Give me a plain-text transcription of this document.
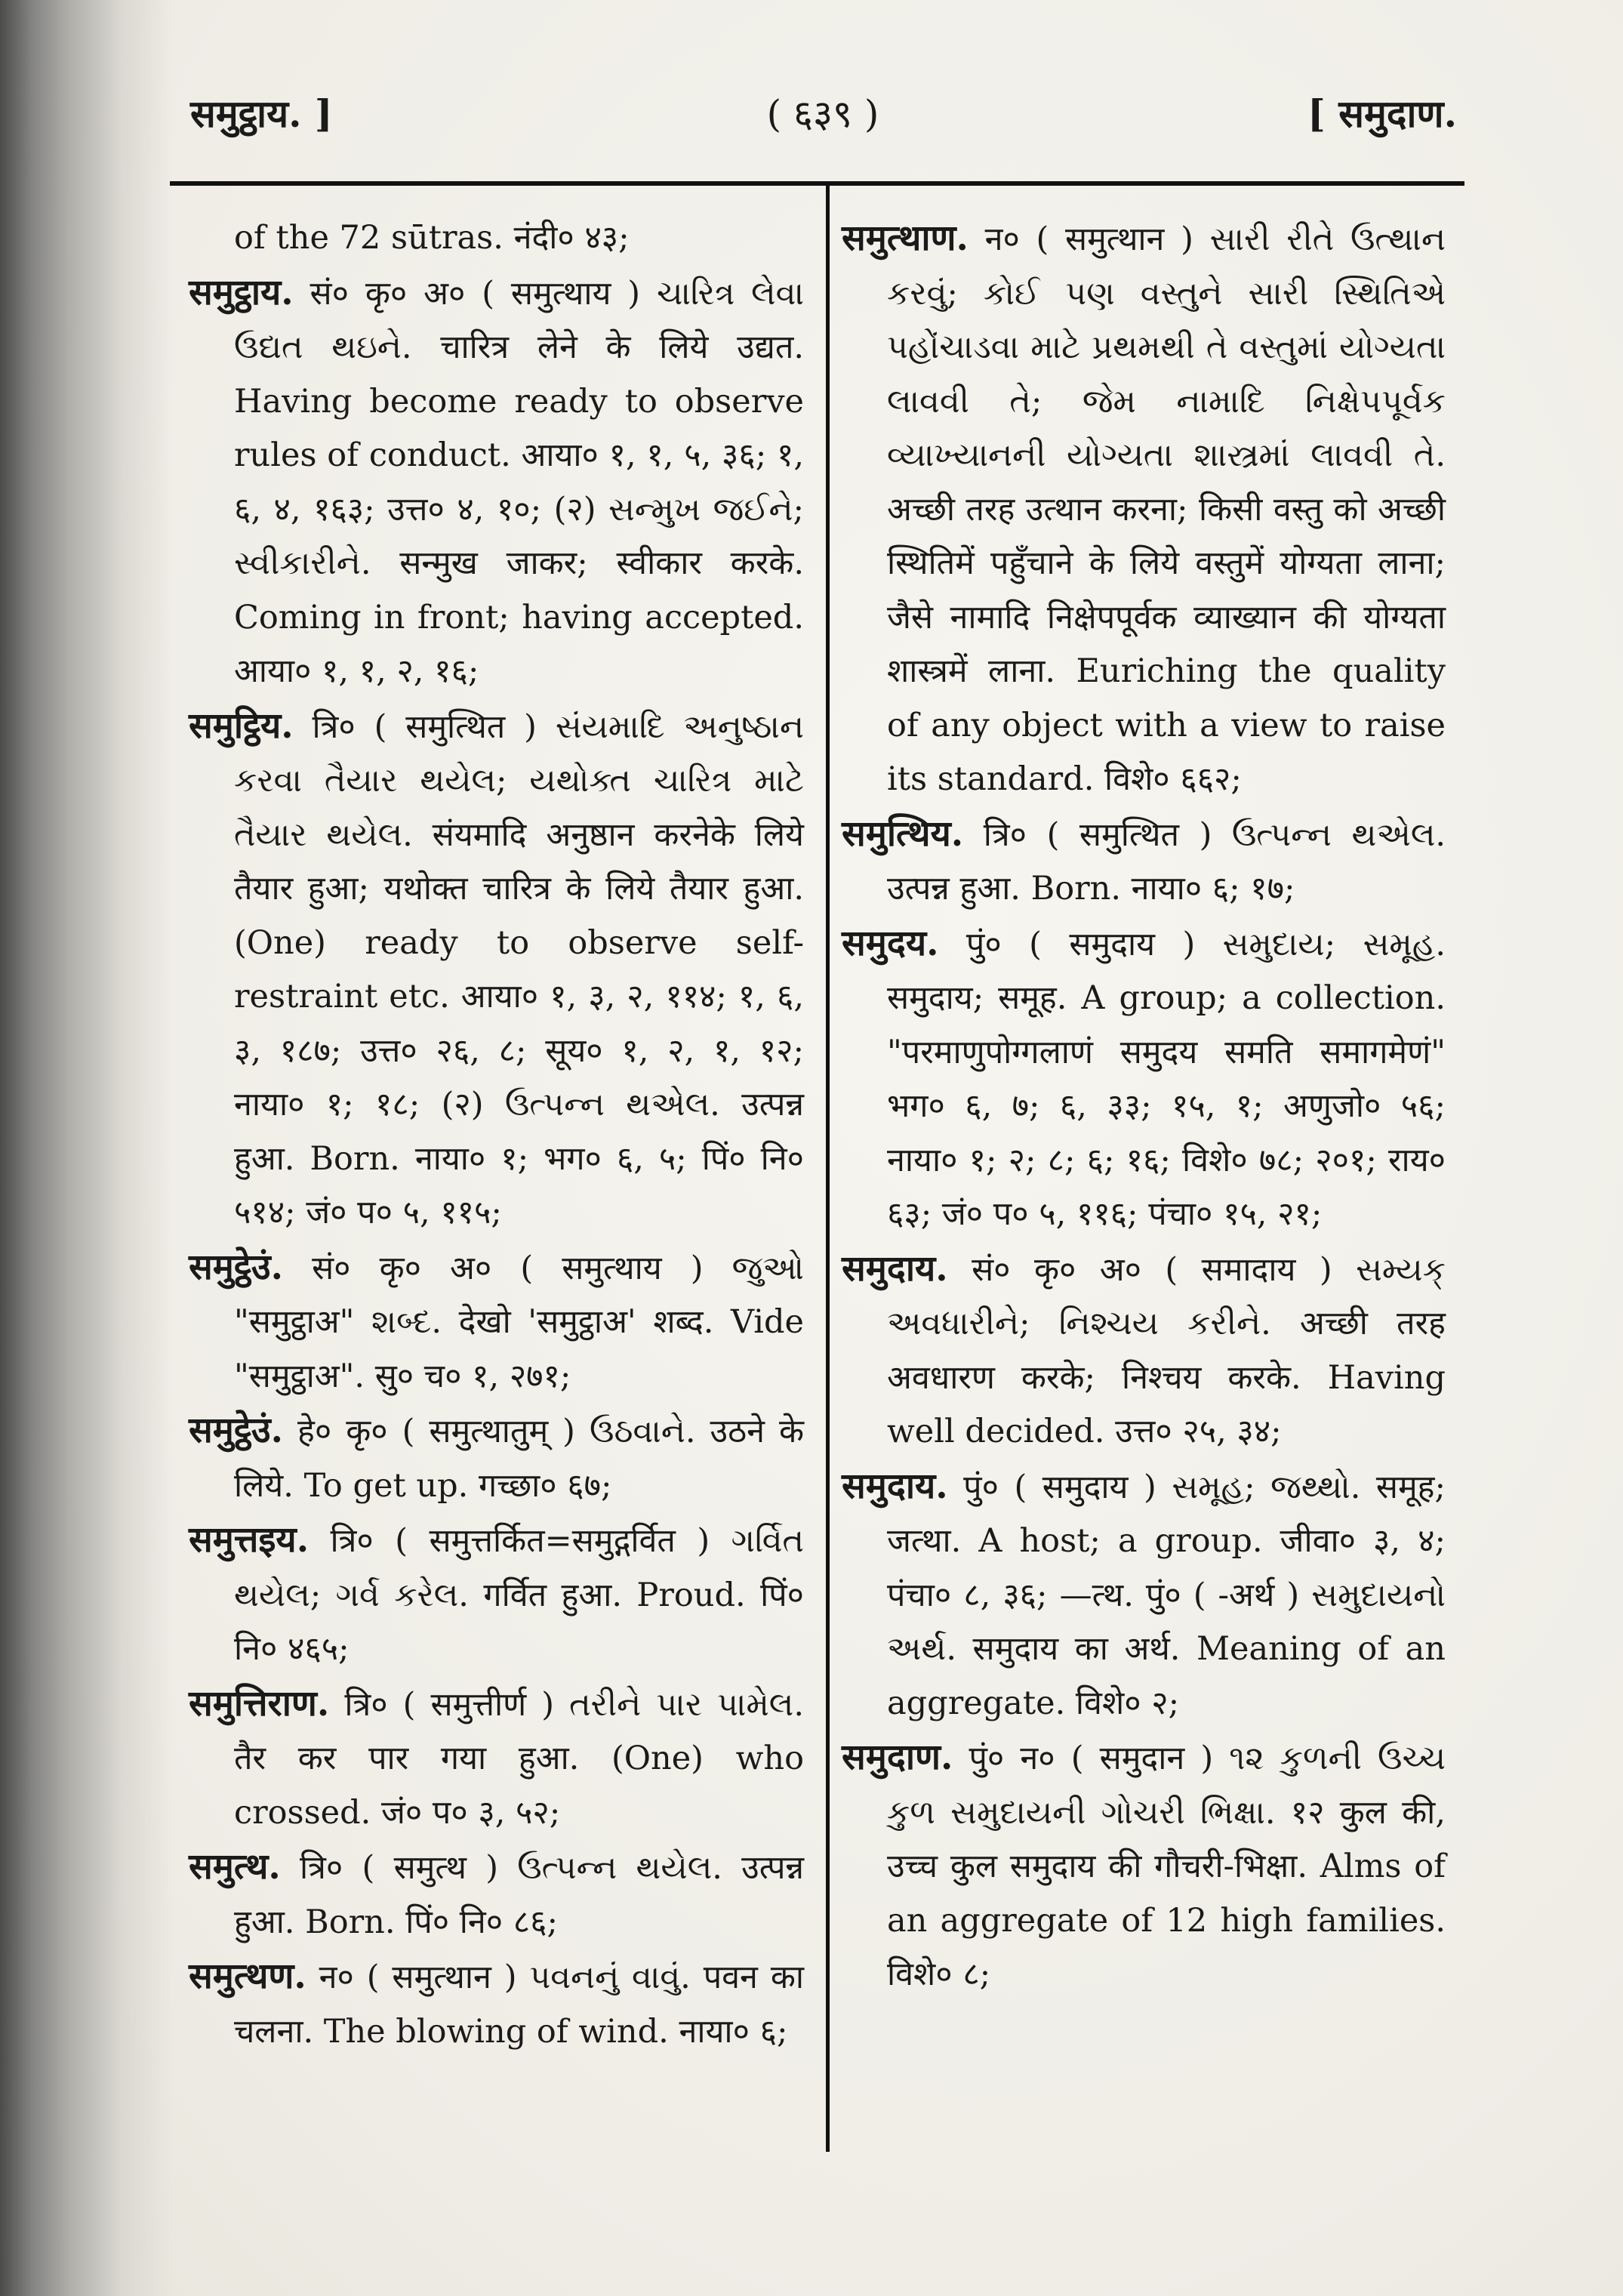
समुट्ठाय. ]	( ६३९ )	[ समुदाण.

of the 72 sūtras. नंदी० ४३;

समुट्ठाय. सं० कृ० अ० ( समुत्थाय ) ચારિત્ર લેવા ઉદ્યત થઇને. चारित्र लेने के लिये उद्यत. Having become ready to observe rules of conduct. आया० १, १, ५, ३६; १, ६, ४, १६३; उत्त० ४, १०; (२) સન્મુખ જઈને; સ્વીકારીને. सन्मुख जाकर; स्वीकार करके. Coming in front; having accepted. आया० १, १, २, १६;

समुट्ठिय. त्रि० ( समुत्थित ) સંયમાદિ અનુષ્ઠાન કરવા તૈયાર થયેલ; યથોક્ત ચારિત્ર માટે તૈયાર થયેલ. संयमादि अनुष्ठान करनेके लिये तैयार हुआ; यथोक्त चारित्र के लिये तैयार हुआ. (One) ready to observe self-restraint etc. आया० १, ३, २, ११४; १, ६, ३, १८७; उत्त० २६, ८; सूय० १, २, १, १२; नाया० १; १८; (२) ઉત્પન્ન થએલ. उत्पन्न हुआ. Born. नाया० १; भग० ६, ५; पिं० नि० ५१४; जं० प० ५, ११५;

समुट्ठेउं. सं० कृ० अ० ( समुत्थाय ) જુઓ "समुट्ठाअ" શબ્દ. देखो 'समुट्ठाअ' शब्द. Vide "समुट्ठाअ". सु० च० १, २७१;

समुट्ठेउं. हे० कृ० ( समुत्थातुम् ) ઉઠવાને. उठने के लिये. To get up. गच्छा० ६७;

समुत्तइय. त्रि० ( समुत्तर्कित=समुद्गर्वित ) ગર્વિત થયેલ; ગર્વ કરેલ. गर्वित हुआ. Proud. पिं० नि० ४६५;

समुत्तिराण. त्रि० ( समुत्तीर्ण ) તરીને પાર પામેલ. तैर कर पार गया हुआ. (One) who crossed. जं० प० ३, ५२;

समुत्थ. त्रि० ( समुत्थ ) ઉત્પન્ન થયેલ. उत्पन्न हुआ. Born. पिं० नि० ८६;

समुत्थण. न० ( समुत्थान ) પવનનું વાવું. पवन का चलना. The blowing of wind. नाया० ६;

समुत्थाण. न० ( समुत्थान ) સારી રીતે ઉત્થાન કરવું; કોઈ પણ વસ્તુને સારી સ્થિતિએ પહોંચાડવા માટે પ્રથમથી તે વસ્તુમાં યોગ્યતા લાવવી તે; જેમ નામાદિ નિક્ષેપપૂર્વક વ્યાખ્યાનની યોગ્યતા શાસ્ત્રમાં લાવવી તે. अच्छी तरह उत्थान करना; किसी वस्तु को अच्छी स्थितिमें पहुँचाने के लिये वस्तुमें योग्यता लाना; जैसे नामादि निक्षेपपूर्वक व्याख्यान की योग्यता शास्त्रमें लाना. Euriching the quality of any object with a view to raise its standard. विशे० ६६२;

समुत्थिय. त्रि० ( समुत्थित ) ઉત્પન્ન થએલ. उत्पन्न हुआ. Born. नाया० ६; १७;

समुदय. पुं० ( समुदाय ) સમુદાય; સમૂહ. समुदाय; समूह. A group; a collection. "परमाणुपोग्गलाणं समुदय समति समागमेणं" भग० ६, ७; ६, ३३; १५, १; अणुजो० ५६; नाया० १; २; ८; ६; १६; विशे० ७८; २०१; राय० ६३; जं० प० ५, ११६; पंचा० १५, २१;

समुदाय. सं० कृ० अ० ( समादाय ) સમ્યક્ અવધારીને; નિશ્ચય કરીને. अच्छी तरह अवधारण करके; निश्चय करके. Having well decided. उत्त० २५, ३४;

समुदाय. पुं० ( समुदाय ) સમૂહ; જથ્થો. समूह; जत्था. A host; a group. जीवा० ३, ४; पंचा० ८, ३६; —त्थ. पुं० ( -अर्थ ) સમુદાયનો અર્થ. समुदाय का अर्थ. Meaning of an aggregate. विशे० २;

समुदाण. पुं० न० ( समुदान ) ૧૨ કુળની ઉચ્ચ કુળ સમુદાયની ગોચરી ભિક્ષા. १२ कुल की, उच्च कुल समुदाय की गौचरी-भिक्षा. Alms of an aggregate of 12 high families. विशे० ८;
